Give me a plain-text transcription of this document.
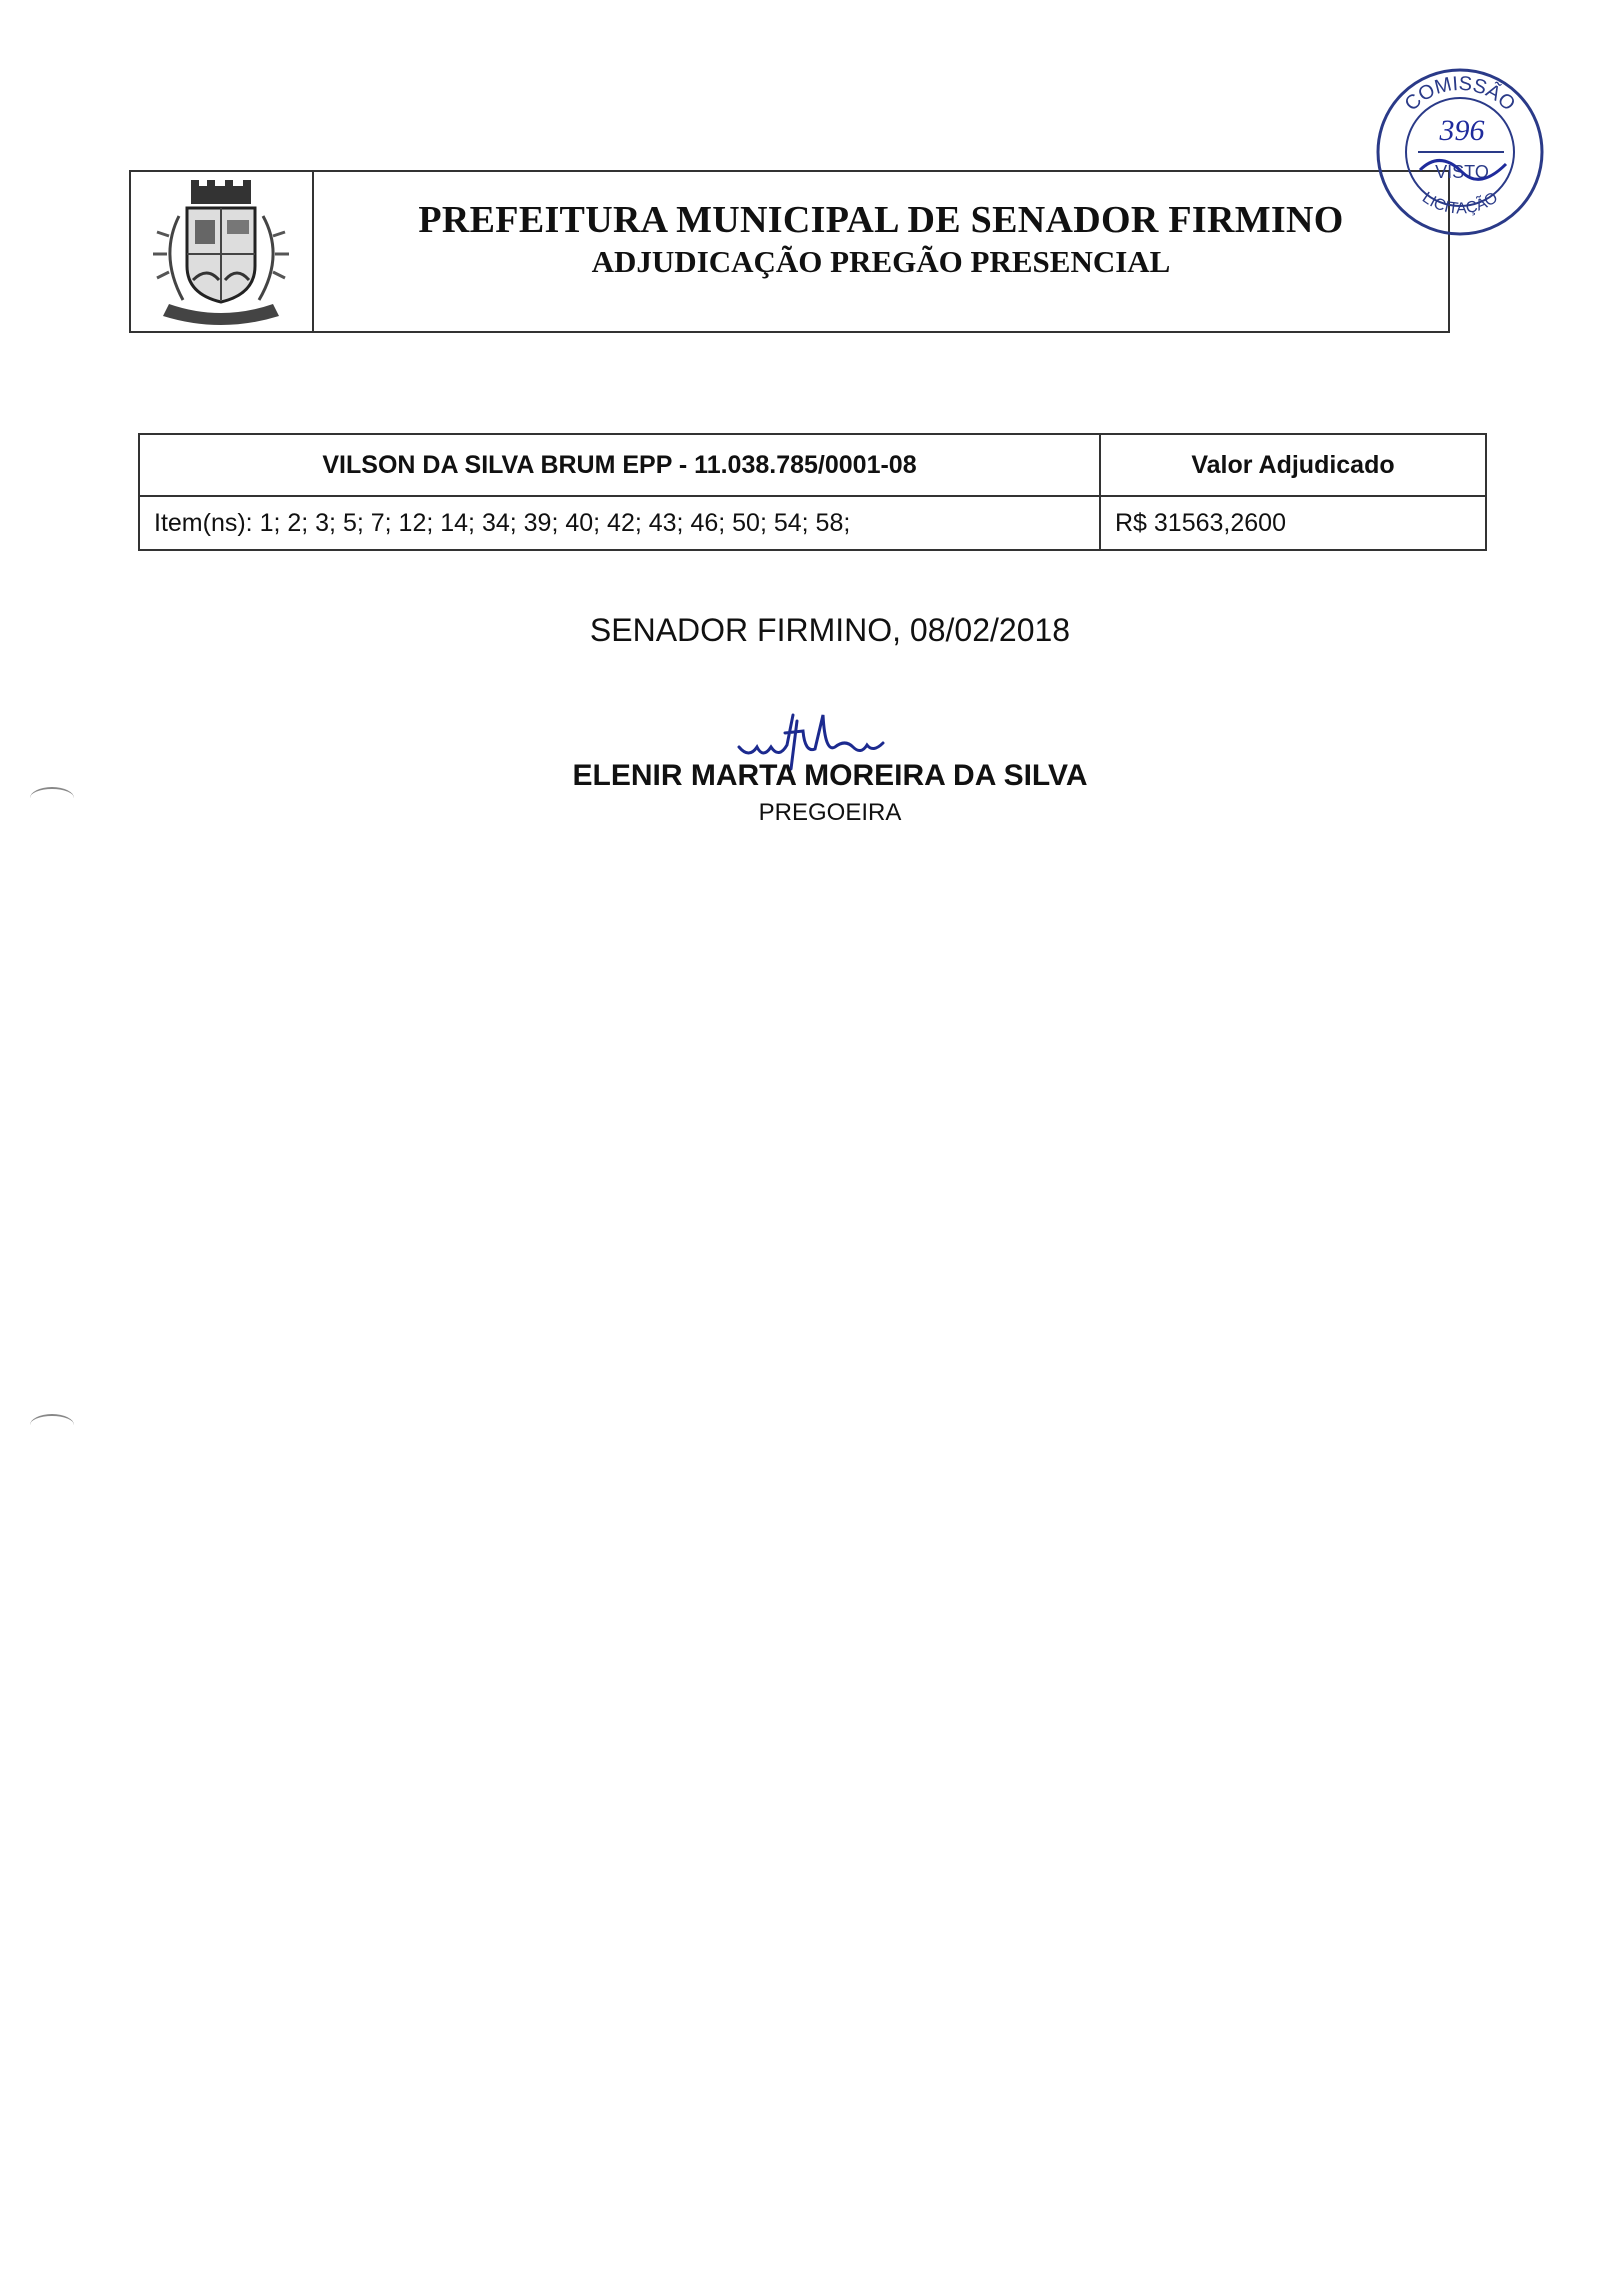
PREFEITURA MUNICIPAL DE SENADOR FIRMINO
ADJUDICAÇÃO PREGÃO PRESENCIAL
COMISSÃO
396
VISTO
LICITAÇÃO
VILSON DA SILVA BRUM EPP - 11.038.785/0001-08	Valor Adjudicado
Item(ns): 1; 2; 3; 5; 7; 12; 14; 34; 39; 40; 42; 43; 46; 50; 54; 58;	R$ 31563,2600
SENADOR FIRMINO, 08/02/2018
ELENIR MARTA MOREIRA DA SILVA
PREGOEIRA
